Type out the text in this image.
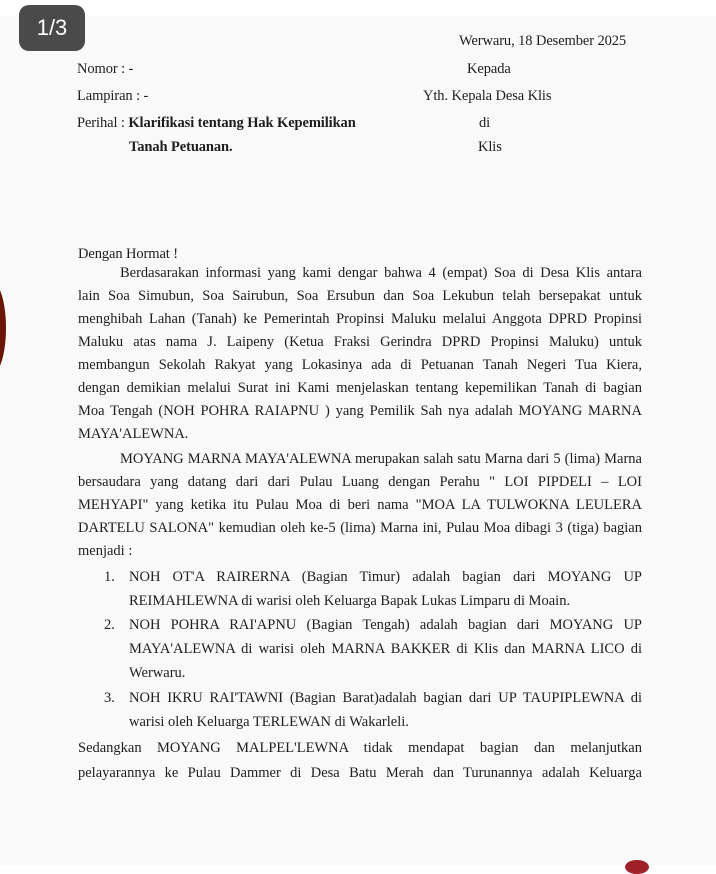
1/3
Werwaru, 18 Desember 2025
Nomor : -
Lampiran : -
Perihal : Klarifikasi tentang Hak Kepemilikan
Tanah Petuanan.
Kepada
Yth. Kepala Desa Klis
di
Klis
Dengan Hormat !
Berdasarakan informasi yang kami dengar bahwa 4 (empat) Soa di Desa Klis antara
lain Soa Simubun, Soa Sairubun, Soa Ersubun dan Soa Lekubun telah bersepakat untuk
menghibah Lahan (Tanah) ke Pemerintah Propinsi Maluku melalui Anggota DPRD Propinsi
Maluku atas nama J. Laipeny (Ketua Fraksi Gerindra DPRD Propinsi Maluku) untuk
membangun Sekolah Rakyat yang Lokasinya ada di Petuanan Tanah Negeri Tua Kiera,
dengan demikian melalui Surat ini Kami menjelaskan tentang kepemilikan Tanah di bagian
Moa Tengah (NOH POHRA RAIAPNU ) yang Pemilik Sah nya adalah MOYANG MARNA
MAYA'ALEWNA.
MOYANG MARNA MAYA'ALEWNA merupakan salah satu Marna dari 5 (lima) Marna
bersaudara yang datang dari dari Pulau Luang dengan Perahu " LOI PIPDELI – LOI
MEHYAPI" yang ketika itu Pulau Moa di beri nama "MOA LA TULWOKNA LEULERA
DARTELU SALONA" kemudian oleh ke-5 (lima) Marna ini, Pulau Moa dibagi 3 (tiga) bagian
menjadi :
1. NOH OT'A RAIRERNA (Bagian Timur) adalah bagian dari MOYANG UP
REIMAHLEWNA di warisi oleh Keluarga Bapak Lukas Limparu di Moain.
2. NOH POHRA RAI'APNU (Bagian Tengah) adalah bagian dari MOYANG UP
MAYA'ALEWNA di warisi oleh MARNA BAKKER di Klis dan MARNA LICO di
Werwaru.
3. NOH IKRU RAI'TAWNI (Bagian Barat)adalah bagian dari UP TAUPIPLEWNA di
warisi oleh Keluarga TERLEWAN di Wakarleli.
Sedangkan MOYANG MALPEL'LEWNA tidak mendapat bagian dan melanjutkan
pelayarannya ke Pulau Dammer di Desa Batu Merah dan Turunannya adalah Keluarga
